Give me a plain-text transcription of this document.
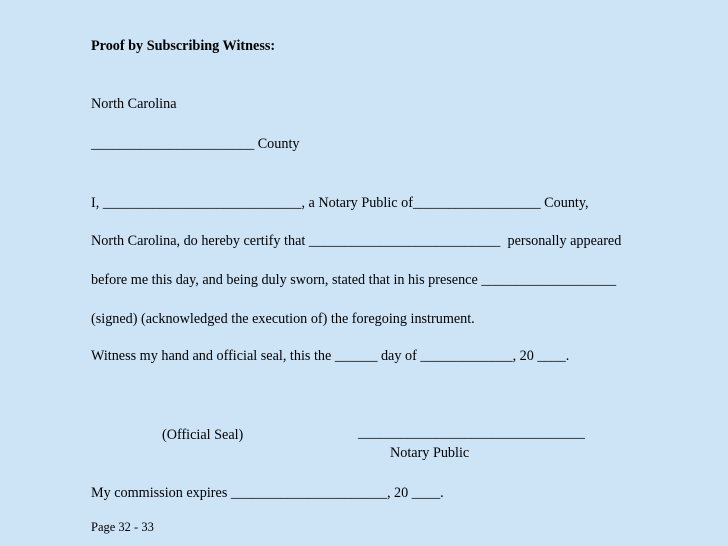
Proof by Subscribing Witness:
North Carolina
_______________________ County
I, ____________________________, a Notary Public of__________________ County,
North Carolina, do hereby certify that ___________________________  personally appeared
before me this day, and being duly sworn, stated that in his presence ___________________
(signed) (acknowledged the execution of) the foregoing instrument.
Witness my hand and official seal, this the ______ day of _____________, 20 ____.
(Official Seal)	________________________________
Notary Public
My commission expires ______________________, 20 ____.
Page 32 - 33
